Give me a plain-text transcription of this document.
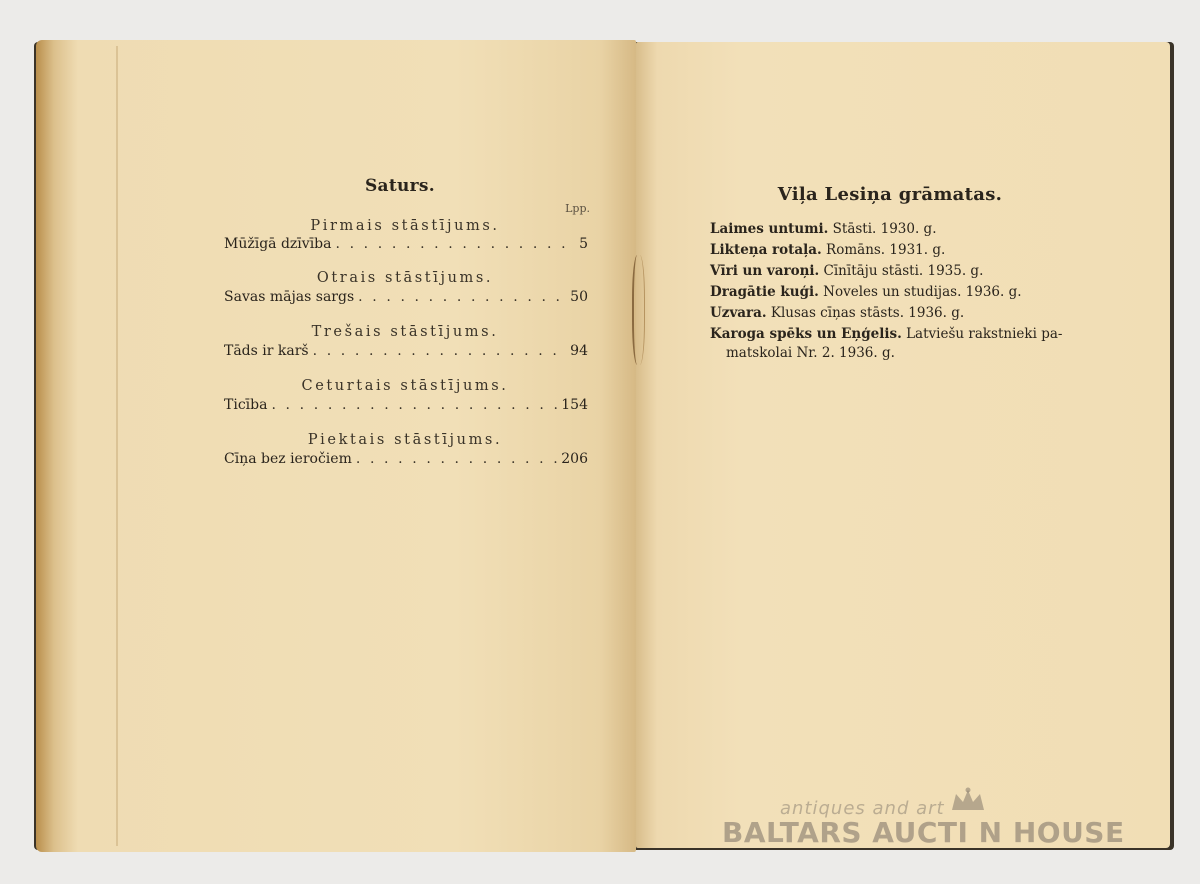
Saturs.
Lpp.
Pirmais stāstījums.
Mūžīgā dzīvība . . .	5
Otrais stāstījums.
Savas mājas sargs . . .	50
Trešais stāstījums.
Tāds ir karš . . .	94
Ceturtais stāstījums.
Ticība . . .	154
Piektais stāstījums.
Cīņa bez ieročiem . . .	206
Viļa Lesiņa grāmatas.
Laimes untumi. Stāsti. 1930. g.
Likteņa rotaļa. Romāns. 1931. g.
Vīri un varoņi. Cīnītāju stāsti. 1935. g.
Dragātie kuģi. Noveles un studijas. 1936. g.
Uzvara. Klusas cīņas stāsts. 1936. g.
Karoga spēks un Eņģelis. Latviešu rakstnieki pa-
matskolai Nr. 2. 1936. g.
antiques and art
BALTARS AUCTI N HOUSE
